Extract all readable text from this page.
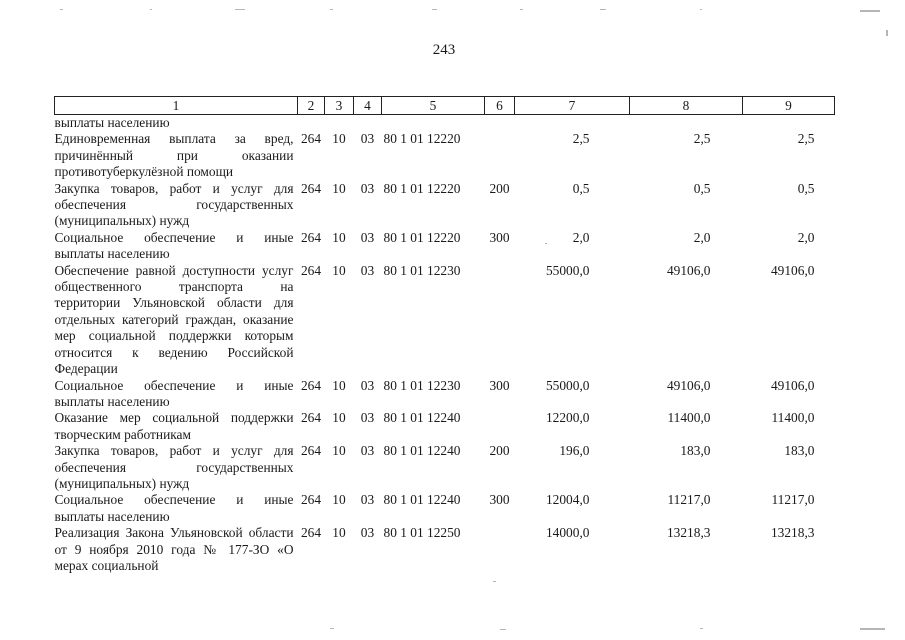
243
1	2	3	4	5	6	7	8	9
выплаты населению								
Единовременная выплата за вред, причинённый при оказании противотуберкулёзной помощи	264	10	03	80 1 01 12220		2,5	2,5	2,5
Закупка товаров, работ и услуг для обеспечения государственных (муниципальных) нужд	264	10	03	80 1 01 12220	200	0,5	0,5	0,5
Социальное обеспечение и иные выплаты населению	264	10	03	80 1 01 12220	300	2,0	2,0	2,0
Обеспечение равной доступности услуг общественного транспорта на территории Ульяновской области для отдельных категорий граждан, оказание мер социальной поддержки которым относится к ведению Российской Федерации	264	10	03	80 1 01 12230		55000,0	49106,0	49106,0
Социальное обеспечение и иные выплаты населению	264	10	03	80 1 01 12230	300	55000,0	49106,0	49106,0
Оказание мер социальной поддержки творческим работникам	264	10	03	80 1 01 12240		12200,0	11400,0	11400,0
Закупка товаров, работ и услуг для обеспечения государственных (муниципальных) нужд	264	10	03	80 1 01 12240	200	196,0	183,0	183,0
Социальное обеспечение и иные выплаты населению	264	10	03	80 1 01 12240	300	12004,0	11217,0	11217,0
Реализация Закона Ульяновской области от 9 ноября 2010 года № 177-ЗО «О мерах социальной	264	10	03	80 1 01 12250		14000,0	13218,3	13218,3
